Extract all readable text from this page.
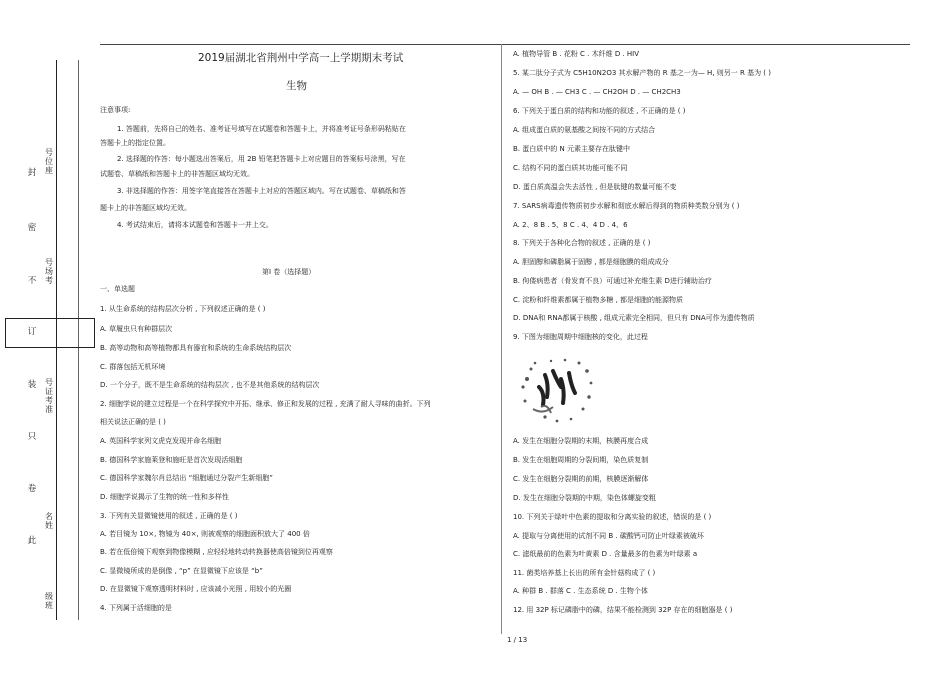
封
密
不
订
装
只
卷
此
号位座
号场考
号证考准
名姓
级班
2019届湖北省荆州中学高一上学期期末考试
生物
注意事项:
1. 答题前，先将自己的姓名、准考证号填写在试题卷和答题卡上，并将准考证号条形码粘贴在
答题卡上的指定位置。
2. 选择题的作答：每小题选出答案后，用 2B 铅笔把答题卡上对应题目的答案标号涂黑，写在
试题卷、草稿纸和答题卡上的非答题区域均无效。
3. 非选择题的作答：用签字笔直接答在答题卡上对应的答题区域内。写在试题卷、草稿纸和答
题卡上的非答题区域均无效。
4. 考试结束后，请将本试题卷和答题卡一并上交。
第Ⅰ 卷（选择题）
一、单选题
1. 从生命系统的结构层次分析 , 下列叙述正确的是 ( )
A. 草履虫只有种群层次
B. 高等动物和高等植物都具有器官和系统的生命系统结构层次
C. 群落包括无机环境
D. 一个分子，既不是生命系统的结构层次 , 也不是其他系统的结构层次
2. 细胞学说的建立过程是一个在科学探究中开拓、继承、修正和发展的过程 , 充满了耐人寻味的曲折。下列
相关说法正确的是 ( )
A. 英国科学家列文虎克发现并命名细胞
B. 德国科学家施莱登和施旺是首次发现活细胞
C. 德国科学家魏尔肖总结出 “细胞通过分裂产生新细胞”
D. 细胞学说揭示了生物的统一性和多样性
3. 下列有关显微镜使用的叙述 , 正确的是 ( )
A. 若目镜为 10×, 物镜为 40×, 则被观察的细胞面积放大了 400 倍
B. 若在低倍镜下观察到物像模糊 , 应轻轻地转动转换器使高倍镜到位再观察
C. 显微镜所成的是倒像 , “p” 在显微镜下应该是 “b”
D. 在显微镜下观察透明材料时 , 应该减小光照 , 用较小的光圈
4. 下列属于活细胞的是
A. 植物导管 B . 花粉 C . 木纤维 D . HIV
5. 某二肽分子式为 C5H10N2O3 其水解产物的 R 基之一为— H, 则另一 R 基为 ( )
A. — OH B . — CH3 C . — CH2OH D . — CH2CH3
6. 下列关于蛋白质的结构和功能的叙述 , 不正确的是 ( )
A. 组成蛋白质的氨基酸之间按不同的方式结合
B. 蛋白质中的 N 元素主要存在肽键中
C. 结构不同的蛋白质其功能可能不同
D. 蛋白质高温会失去活性 , 但是肽键的数量可能不变
7. SARS病毒遗传物质初步水解和彻底水解后得到的物质种类数分别为 ( )
A. 2、8 B . 5、8 C . 4、4 D . 4、6
8. 下列关于各种化合物的叙述 , 正确的是 ( )
A. 胆固醇和磷脂属于固醇 , 都是细胞膜的组成成分
B. 佝偻病患者（骨发育不良）可通过补充维生素 D进行辅助治疗
C. 淀粉和纤维素都属于植物多糖 , 都是细胞的能源物质
D. DNA和 RNA都属于核酸 , 组成元素完全相同，但只有 DNA可作为遗传物质
9. 下图为细胞周期中细胞核的变化，此过程
A. 发生在细胞分裂期的末期，核膜再度合成
B. 发生在细胞周期的分裂间期，染色质复制
C. 发生在细胞分裂期的前期，核膜逐渐解体
D. 发生在细胞分裂期的中期，染色体螺旋变粗
10. 下列关于绿叶中色素的提取和分离实验的叙述，错误的是 ( )
A. 提取与分离使用的试剂不同 B . 碳酸钙可防止叶绿素被破坏
C. 滤纸最前的色素为叶黄素 D . 含量最多的色素为叶绿素 a
11. 菌类培养基上长出的所有金针菇构成了 ( )
A. 种群 B . 群落 C . 生态系统 D . 生物个体
12. 用 32P 标记磷脂中的磷，结果不能检测到 32P 存在的细胞器是 ( )
1 / 13
